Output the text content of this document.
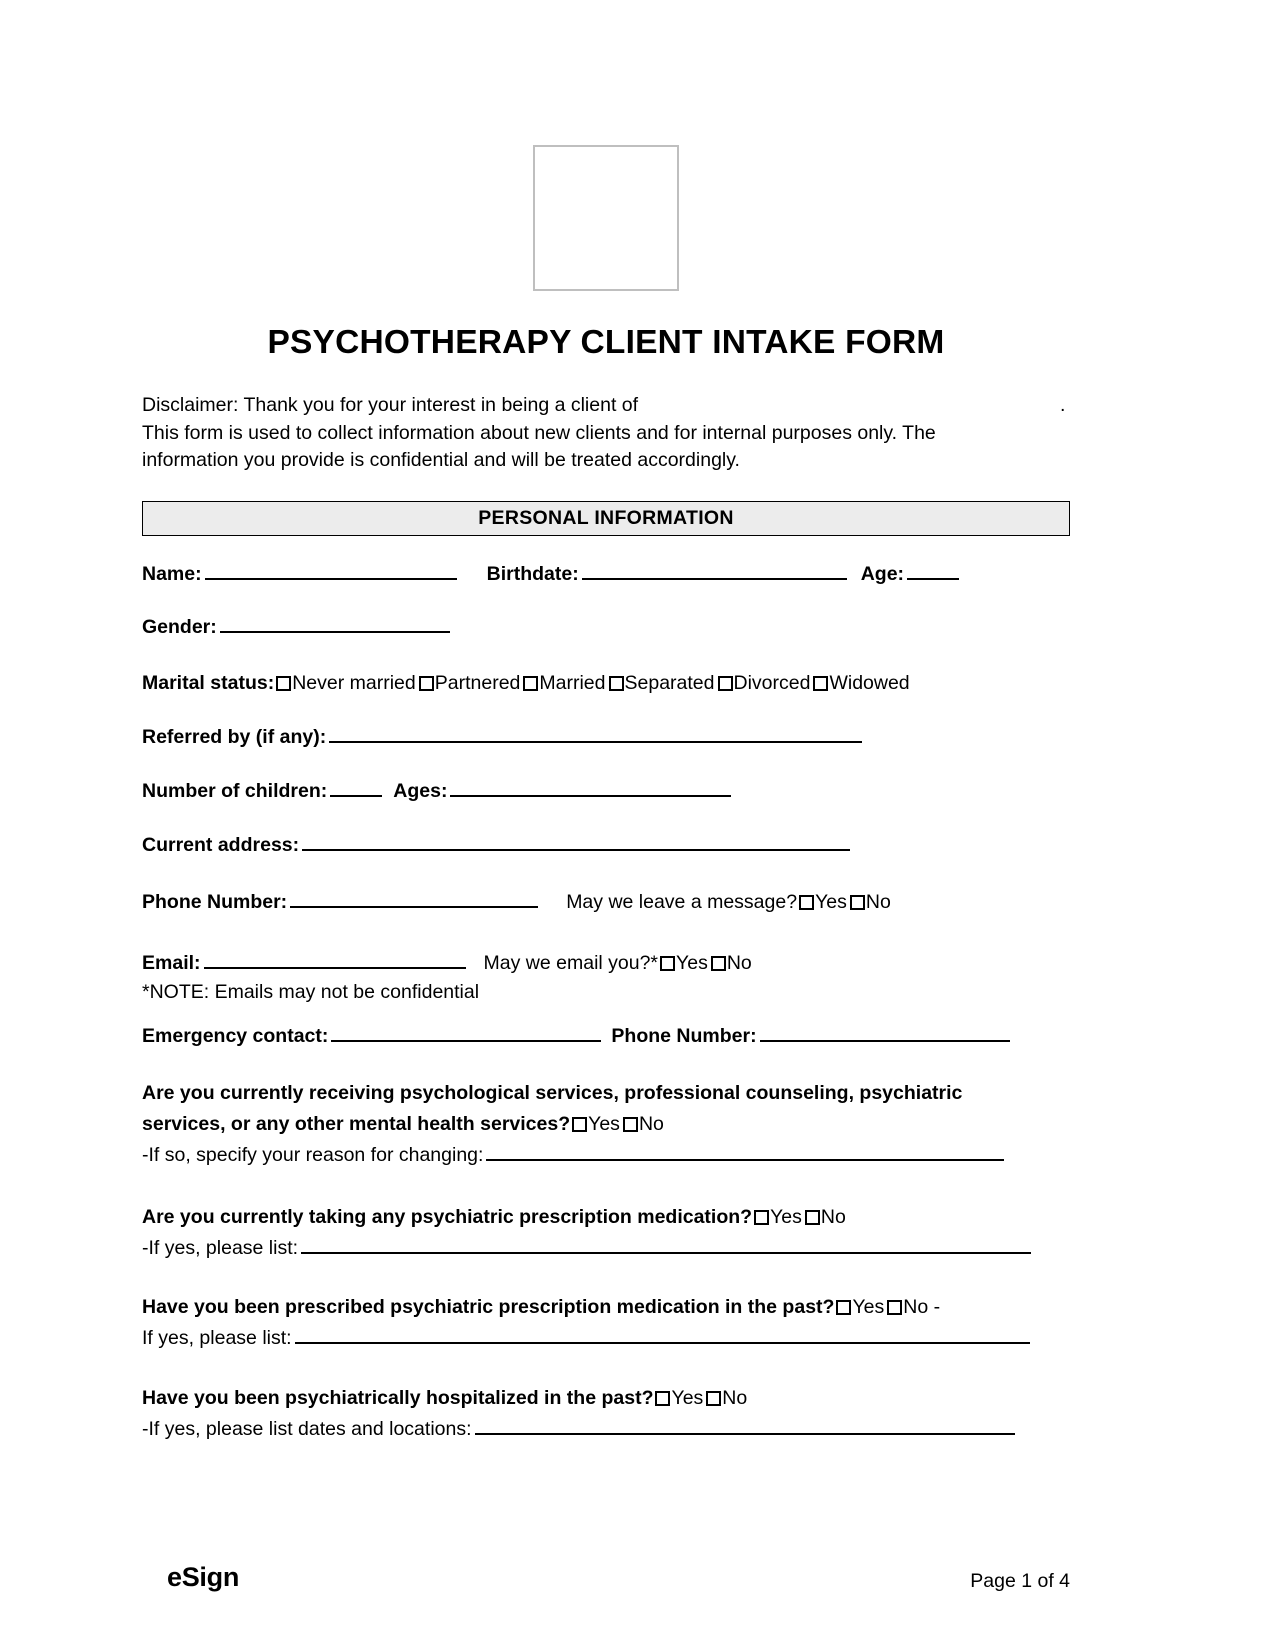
PSYCHOTHERAPY CLIENT INTAKE FORM
Disclaimer: Thank you for your interest in being a client of	.
This form is used to collect information about new clients and for internal purposes only. The
information you provide is confidential and will be treated accordingly.
PERSONAL INFORMATION
Name:	Birthdate:	Age:
Gender:
Marital status: Never married Partnered Married Separated Divorced Widowed
Referred by (if any):
Number of children:	Ages:
Current address:
Phone Number:	May we leave a message? Yes No
Email:	May we email you?* Yes No
*NOTE: Emails may not be confidential
Emergency contact:	Phone Number:
Are you currently receiving psychological services, professional counseling, psychiatric
services, or any other mental health services? Yes No
-If so, specify your reason for changing:
Are you currently taking any psychiatric prescription medication? Yes No
-If yes, please list:
Have you been prescribed psychiatric prescription medication in the past? Yes No -
If yes, please list:
Have you been psychiatrically hospitalized in the past? Yes No
-If yes, please list dates and locations:
Page 1 of 4
eSign
